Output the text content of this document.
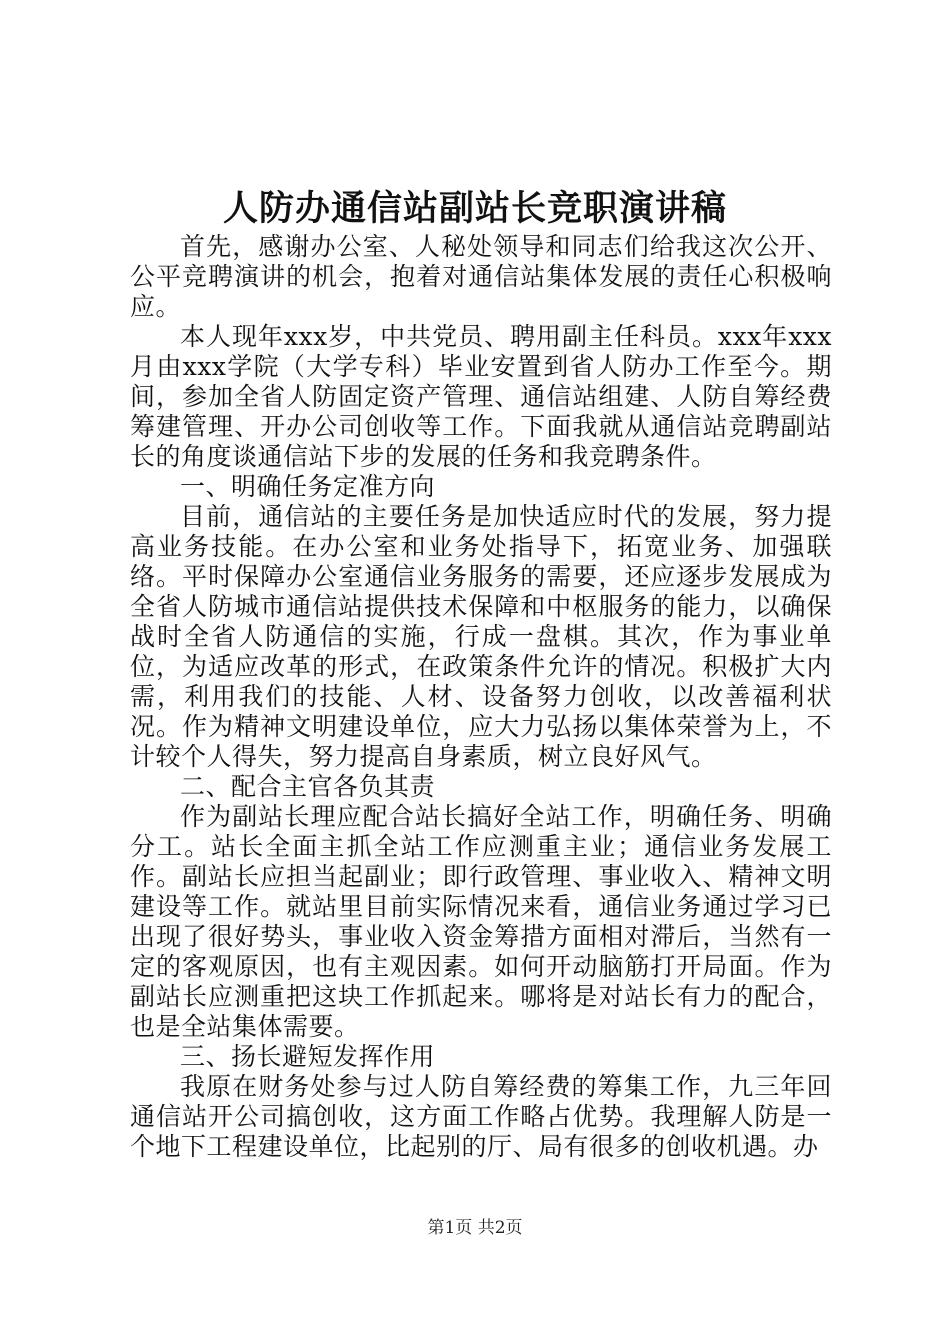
人防办通信站副站长竞职演讲稿

首先，感谢办公室、人秘处领导和同志们给我这次公开、公平竞聘演讲的机会，抱着对通信站集体发展的责任心积极响应。

本人现年xxx岁，中共党员、聘用副主任科员。xxx年xxx月由xxx学院（大学专科）毕业安置到省人防办工作至今。期间，参加全省人防固定资产管理、通信站组建、人防自筹经费筹建管理、开办公司创收等工作。下面我就从通信站竞聘副站长的角度谈通信站下步的发展的任务和我竞聘条件。

一、明确任务定准方向

目前，通信站的主要任务是加快适应时代的发展，努力提高业务技能。在办公室和业务处指导下，拓宽业务、加强联络。平时保障办公室通信业务服务的需要，还应逐步发展成为全省人防城市通信站提供技术保障和中枢服务的能力，以确保战时全省人防通信的实施，行成一盘棋。其次，作为事业单位，为适应改革的形式，在政策条件允许的情况。积极扩大内需，利用我们的技能、人材、设备努力创收，以改善福利状况。作为精神文明建设单位，应大力弘扬以集体荣誉为上，不计较个人得失，努力提高自身素质，树立良好风气。

二、配合主官各负其责

作为副站长理应配合站长搞好全站工作，明确任务、明确分工。站长全面主抓全站工作应测重主业；通信业务发展工作。副站长应担当起副业；即行政管理、事业收入、精神文明建设等工作。就站里目前实际情况来看，通信业务通过学习已出现了很好势头，事业收入资金筹措方面相对滞后，当然有一定的客观原因，也有主观因素。如何开动脑筋打开局面。作为副站长应测重把这块工作抓起来。哪将是对站长有力的配合，也是全站集体需要。

三、扬长避短发挥作用

我原在财务处参与过人防自筹经费的筹集工作，九三年回通信站开公司搞创收，这方面工作略占优势。我理解人防是一个地下工程建设单位，比起别的厅、局有很多的创收机遇。办

第1页 共2页
